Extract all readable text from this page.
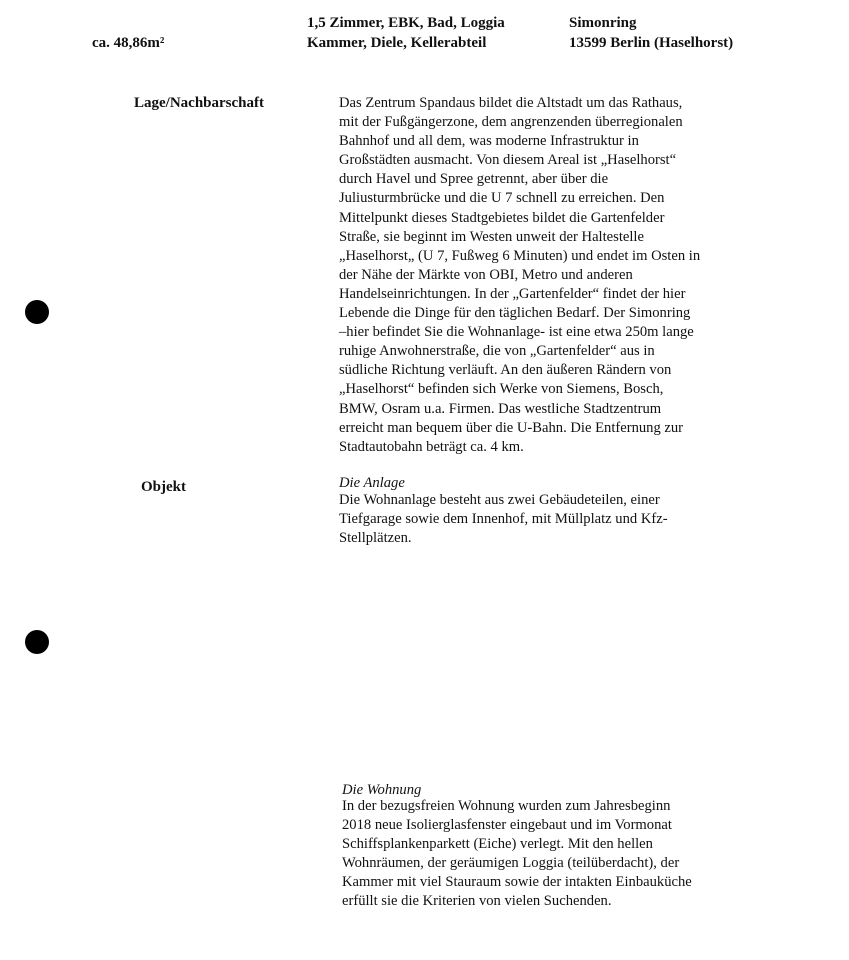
ca. 48,86m²
1,5 Zimmer, EBK, Bad, Loggia
Kammer, Diele, Kellerabteil
Simonring
13599 Berlin (Haselhorst)
Lage/Nachbarschaft	Das Zentrum Spandaus bildet die Altstadt um das Rathaus,
mit der Fußgängerzone, dem angrenzenden überregionalen
Bahnhof und all dem, was moderne Infrastruktur in
Großstädten ausmacht. Von diesem Areal ist „Haselhorst“
durch Havel und Spree getrennt, aber über die
Juliusturmbrücke und die U 7 schnell zu erreichen. Den
Mittelpunkt dieses Stadtgebietes bildet die Gartenfelder
Straße, sie beginnt im Westen unweit der Haltestelle
„Haselhorst„ (U 7, Fußweg 6 Minuten) und endet im Osten in
der Nähe der Märkte von OBI, Metro und anderen
Handelseinrichtungen. In der „Gartenfelder“ findet der hier
Lebende die Dinge für den täglichen Bedarf. Der Simonring
–hier befindet Sie die Wohnanlage- ist eine etwa 250m lange
ruhige Anwohnerstraße, die von „Gartenfelder“ aus in
südliche Richtung verläuft. An den äußeren Rändern von
„Haselhorst“ befinden sich Werke von Siemens, Bosch,
BMW, Osram u.a. Firmen. Das westliche Stadtzentrum
erreicht man bequem über die U-Bahn. Die Entfernung zur
Stadtautobahn beträgt ca. 4 km.
Objekt	Die Anlage
Die Wohnanlage besteht aus zwei Gebäudeteilen, einer
Tiefgarage sowie dem Innenhof, mit Müllplatz und Kfz-
Stellplätzen.
Die Wohnung
In der bezugsfreien Wohnung wurden zum Jahresbeginn
2018 neue Isolierglasfenster eingebaut und im Vormonat
Schiffsplankenparkett (Eiche) verlegt. Mit den hellen
Wohnräumen, der geräumigen Loggia (teilüberdacht), der
Kammer mit viel Stauraum sowie der intakten Einbauküche
erfüllt sie die Kriterien von vielen Suchenden.
